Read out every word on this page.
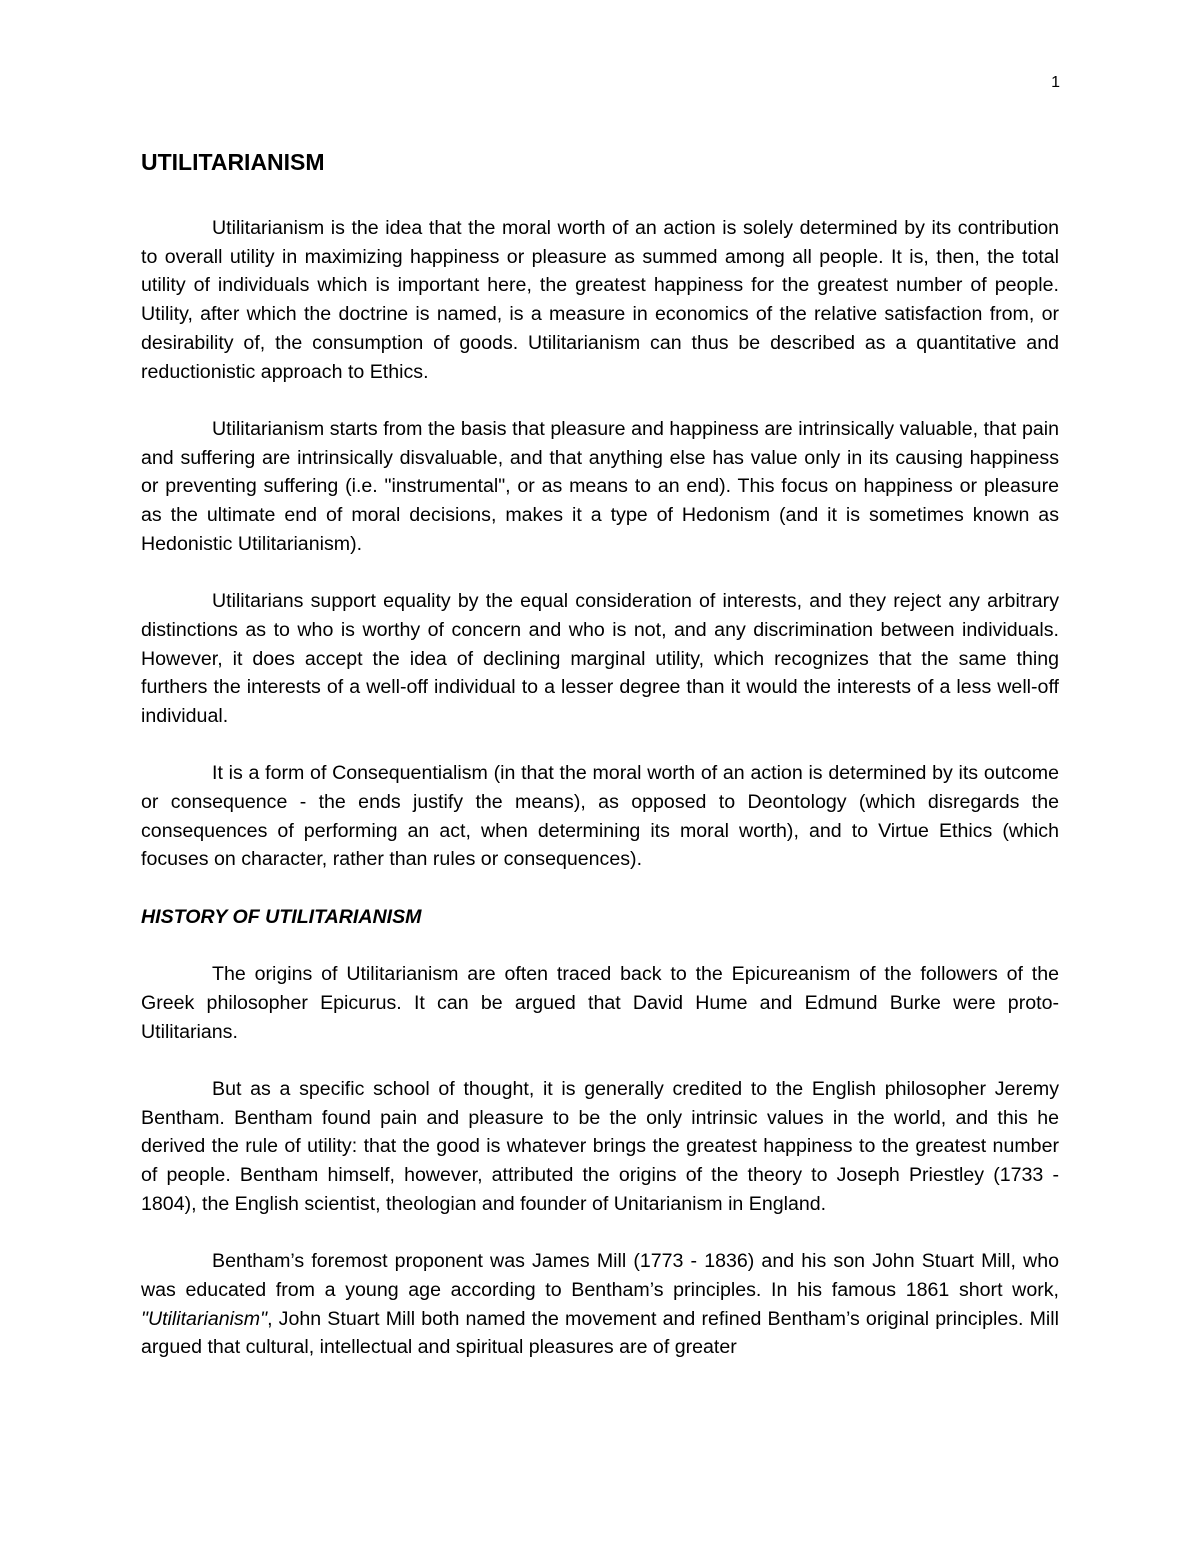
1
UTILITARIANISM

Utilitarianism is the idea that the moral worth of an action is solely determined by its contribution to overall utility in maximizing happiness or pleasure as summed among all people. It is, then, the total utility of individuals which is important here, the greatest happiness for the greatest number of people. Utility, after which the doctrine is named, is a measure in economics of the relative satisfaction from, or desirability of, the consumption of goods. Utilitarianism can thus be described as a quantitative and reductionistic approach to Ethics.

Utilitarianism starts from the basis that pleasure and happiness are intrinsically valuable, that pain and suffering are intrinsically disvaluable, and that anything else has value only in its causing happiness or preventing suffering (i.e. "instrumental", or as means to an end). This focus on happiness or pleasure as the ultimate end of moral decisions, makes it a type of Hedonism (and it is sometimes known as Hedonistic Utilitarianism).

Utilitarians support equality by the equal consideration of interests, and they reject any arbitrary distinctions as to who is worthy of concern and who is not, and any discrimination between individuals. However, it does accept the idea of declining marginal utility, which recognizes that the same thing furthers the interests of a well-off individual to a lesser degree than it would the interests of a less well-off individual.

It is a form of Consequentialism (in that the moral worth of an action is determined by its outcome or consequence - the ends justify the means), as opposed to Deontology (which disregards the consequences of performing an act, when determining its moral worth), and to Virtue Ethics (which focuses on character, rather than rules or consequences).

HISTORY OF UTILITARIANISM

The origins of Utilitarianism are often traced back to the Epicureanism of the followers of the Greek philosopher Epicurus. It can be argued that David Hume and Edmund Burke were proto-Utilitarians.

But as a specific school of thought, it is generally credited to the English philosopher Jeremy Bentham. Bentham found pain and pleasure to be the only intrinsic values in the world, and this he derived the rule of utility: that the good is whatever brings the greatest happiness to the greatest number of people. Bentham himself, however, attributed the origins of the theory to Joseph Priestley (1733 - 1804), the English scientist, theologian and founder of Unitarianism in England.

Bentham’s foremost proponent was James Mill (1773 - 1836) and his son John Stuart Mill, who was educated from a young age according to Bentham’s principles. In his famous 1861 short work, "Utilitarianism", John Stuart Mill both named the movement and refined Bentham’s original principles. Mill argued that cultural, intellectual and spiritual pleasures are of greater
